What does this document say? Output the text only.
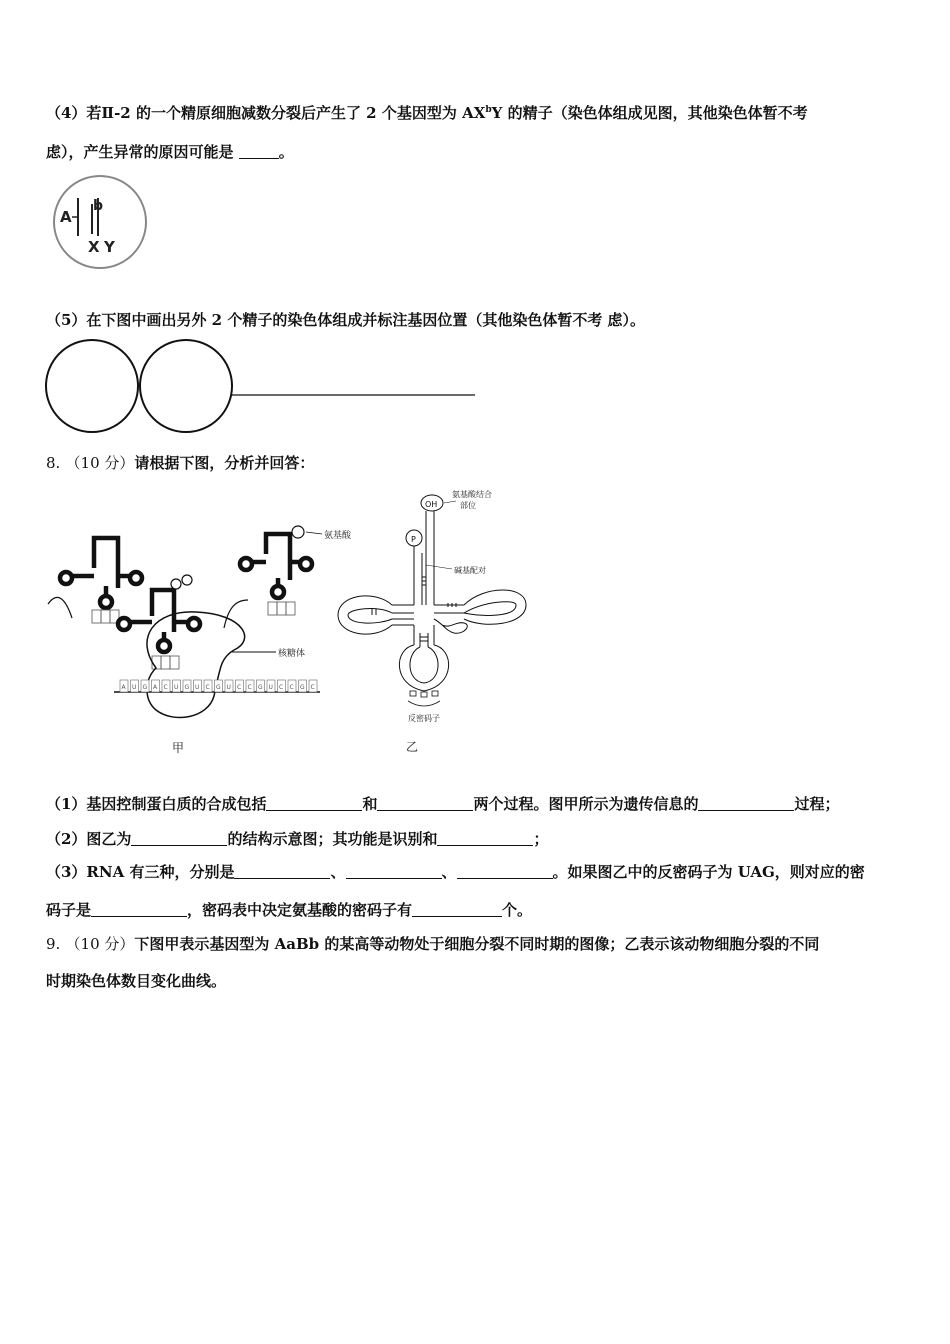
（4）若Ⅱ-2 的一个精原细胞减数分裂后产生了 2 个基因型为 $AX^bY$ 的精子（染色体组成见图，其他染色体暂不考
虑），产生异常的原因可能是	。
A
b
X Y
（5）在下图中画出另外 2 个精子的染色体组成并标注基因位置（其他染色体暂不考 虑）。
8. （10 分）请根据下图，分析并回答：
氨基酸
核糖体
A U G A C U G U C G U C C G U C C G C
甲
OH
氨基酸结合
部位
P
反密码子
碱基配对
乙
（1）基因控制蛋白质的合成包括	和	两个过程。图甲所示为遗传信息的	过程；
（2）图乙为	的结构示意图；其功能是识别和	；
（3）RNA 有三种，分别是	、	、	。如果图乙中的反密码子为 UAG，则对应的密
码子是	，密码表中决定氨基酸的密码子有	个。
9. （10 分）下图甲表示基因型为 AaBb 的某高等动物处于细胞分裂不同时期的图像；乙表示该动物细胞分裂的不同
时期染色体数目变化曲线。
